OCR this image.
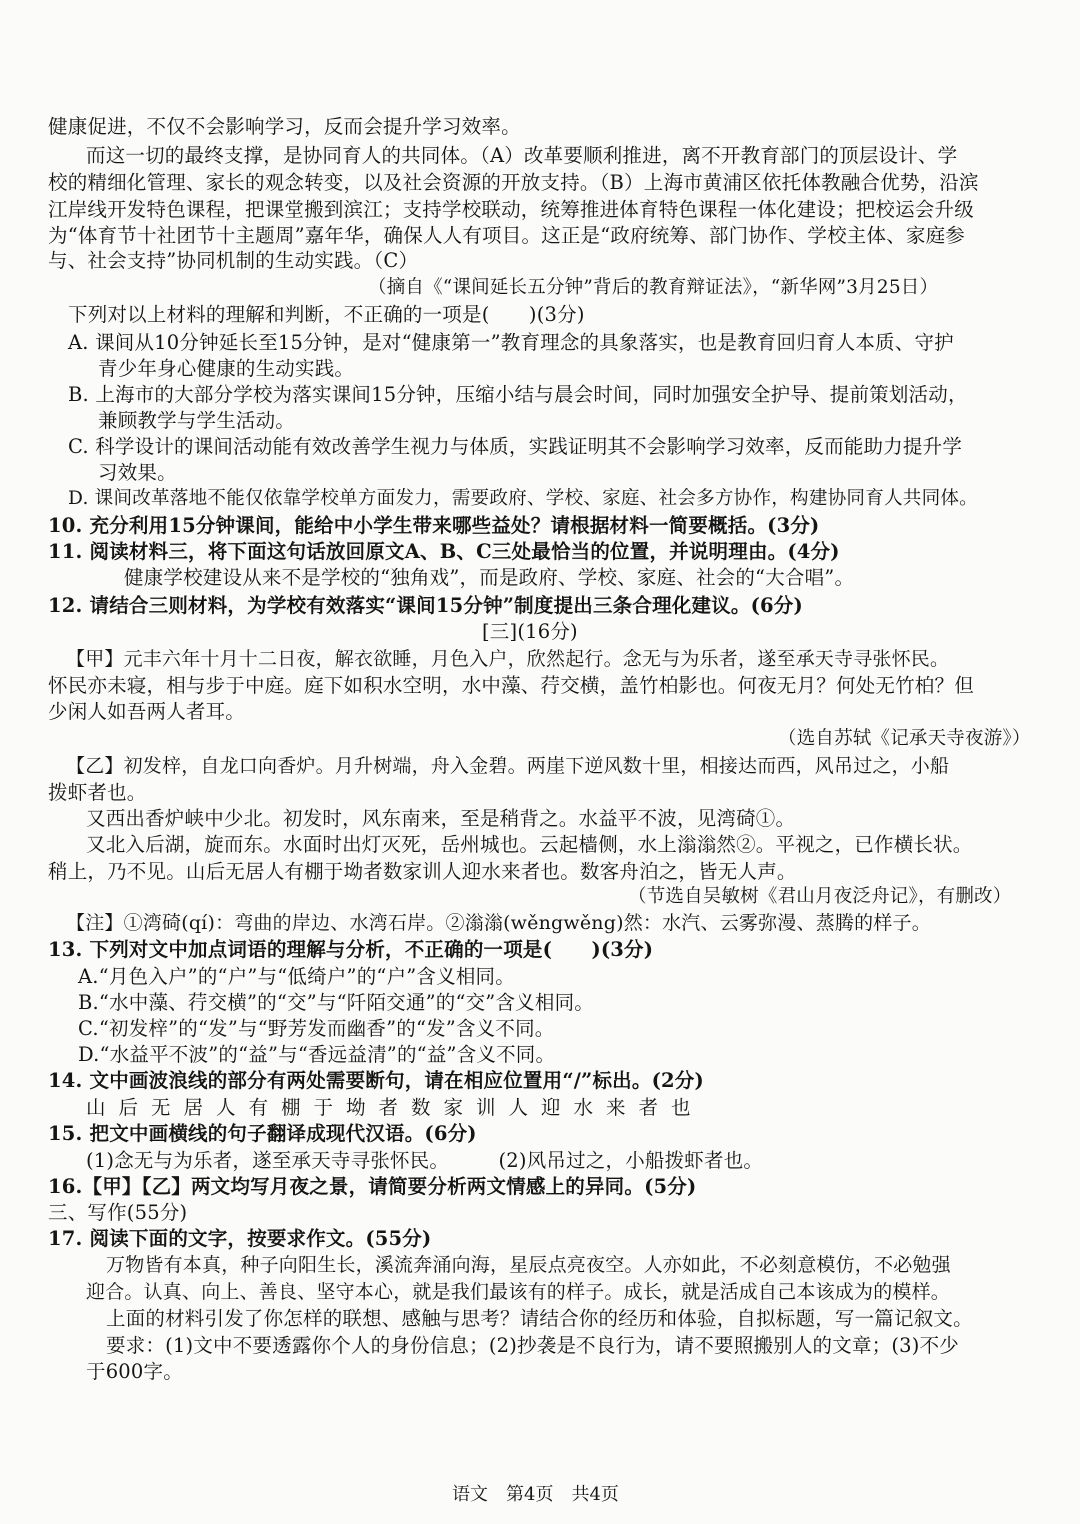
健康促进，不仅不会影响学习，反而会提升学习效率。
而这一切的最终支撑，是协同育人的共同体。（A）改革要顺利推进，离不开教育部门的顶层设计、学
校的精细化管理、家长的观念转变，以及社会资源的开放支持。（B）上海市黄浦区依托体教融合优势，沿滨
江岸线开发特色课程，把课堂搬到滨江；支持学校联动，统筹推进体育特色课程一体化建设；把校运会升级
为“体育节十社团节十主题周”嘉年华，确保人人有项目。这正是“政府统筹、部门协作、学校主体、家庭参
与、社会支持”协同机制的生动实践。（C）
（摘自《“课间延长五分钟”背后的教育辩证法》，“新华网”3月25日）
下列对以上材料的理解和判断，不正确的一项是(　　)(3分)
A. 课间从10分钟延长至15分钟，是对“健康第一”教育理念的具象落实，也是教育回归育人本质、守护
青少年身心健康的生动实践。
B. 上海市的大部分学校为落实课间15分钟，压缩小结与晨会时间，同时加强安全护导、提前策划活动，
兼顾教学与学生活动。
C. 科学设计的课间活动能有效改善学生视力与体质，实践证明其不会影响学习效率，反而能助力提升学
习效果。
D. 课间改革落地不能仅依靠学校单方面发力，需要政府、学校、家庭、社会多方协作，构建协同育人共同体。
10. 充分利用15分钟课间，能给中小学生带来哪些益处？请根据材料一简要概括。(3分)
11. 阅读材料三，将下面这句话放回原文A、B、C三处最恰当的位置，并说明理由。(4分)
健康学校建设从来不是学校的“独角戏”，而是政府、学校、家庭、社会的“大合唱”。
12. 请结合三则材料，为学校有效落实“课间15分钟”制度提出三条合理化建议。(6分)
[三](16分)
【甲】元丰六年十月十二日夜，解衣欲睡，月色入户，欣然起行。念无与为乐者，遂至承天寺寻张怀民。
怀民亦未寝，相与步于中庭。庭下如积水空明，水中藻、荇交横，盖竹柏影也。何夜无月？何处无竹柏？但
少闲人如吾两人者耳。
（选自苏轼《记承天寺夜游》）
【乙】初发梓，自龙口向香炉。月升树端，舟入金碧。两崖下逆风数十里，相接达而西，风吊过之，小船
拨虾者也。
又西出香炉峡中少北。初发时，风东南来，至是稍背之。水益平不波，见湾碕①。
又北入后湖，旋而东。水面时出灯灭死，岳州城也。云起樯侧，水上滃滃然②。平视之，已作横长状。
稍上，乃不见。山后无居人有棚于坳者数家训人迎水来者也。数客舟泊之，皆无人声。
（节选自吴敏树《君山月夜泛舟记》，有删改）
【注】①湾碕(qí)：弯曲的岸边、水湾石岸。②滃滃(wěngwěng)然：水汽、云雾弥漫、蒸腾的样子。
13. 下列对文中加点词语的理解与分析，不正确的一项是(　　)(3分)
A.“月色入户”的“户”与“低绮户”的“户”含义相同。
B.“水中藻、荇交横”的“交”与“阡陌交通”的“交”含义相同。
C.“初发梓”的“发”与“野芳发而幽香”的“发”含义不同。
D.“水益平不波”的“益”与“香远益清”的“益”含义不同。
14. 文中画波浪线的部分有两处需要断句，请在相应位置用“/”标出。(2分)
山后无居人有棚于坳者数家训人迎水来者也
15. 把文中画横线的句子翻译成现代汉语。(6分)
(1)念无与为乐者，遂至承天寺寻张怀民。　　　(2)风吊过之，小船拨虾者也。
16.【甲】【乙】两文均写月夜之景，请简要分析两文情感上的异同。(5分)
三、写作(55分)
17. 阅读下面的文字，按要求作文。(55分)
万物皆有本真，种子向阳生长，溪流奔涌向海，星辰点亮夜空。人亦如此，不必刻意模仿，不必勉强
迎合。认真、向上、善良、坚守本心，就是我们最该有的样子。成长，就是活成自己本该成为的模样。
上面的材料引发了你怎样的联想、感触与思考？请结合你的经历和体验，自拟标题，写一篇记叙文。
要求：(1)文中不要透露你个人的身份信息；(2)抄袭是不良行为，请不要照搬别人的文章；(3)不少
于600字。
语文　第4页　共4页
